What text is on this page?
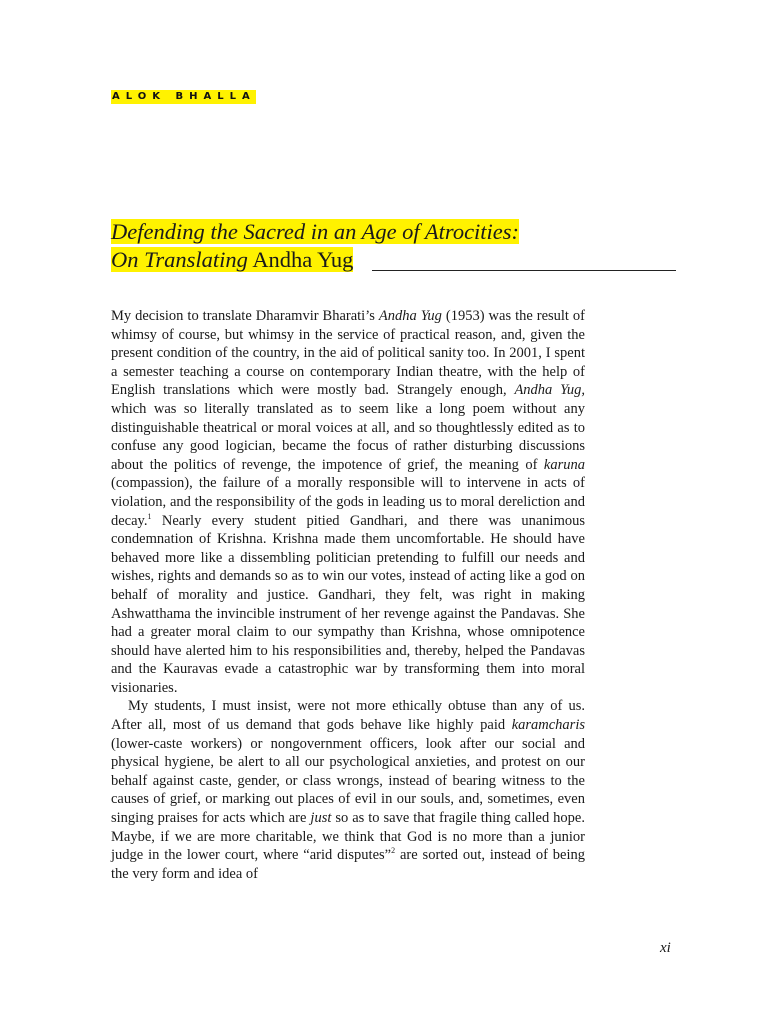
ALOK BHALLA
Defending the Sacred in an Age of Atrocities:
On Translating Andha Yug

My decision to translate Dharamvir Bharati’s Andha Yug (1953) was the result of whimsy of course, but whimsy in the service of practical reason, and, given the present condition of the country, in the aid of political sanity too. In 2001, I spent a semester teaching a course on contemporary Indian theatre, with the help of English translations which were mostly bad. Strangely enough, Andha Yug, which was so literally translated as to seem like a long poem without any distinguishable theatrical or moral voices at all, and so thoughtlessly edited as to confuse any good logician, became the focus of rather disturbing discussions about the politics of revenge, the impotence of grief, the meaning of karuna (compassion), the failure of a morally responsible will to intervene in acts of violation, and the responsibility of the gods in leading us to moral dereliction and decay.$^1$ Nearly every student pitied Gandhari, and there was unanimous condemnation of Krishna. Krishna made them uncomfortable. He should have behaved more like a dissembling politician pretending to fulfill our needs and wishes, rights and demands so as to win our votes, instead of acting like a god on behalf of morality and justice. Gandhari, they felt, was right in making Ashwatthama the invincible instrument of her revenge against the Pandavas. She had a greater moral claim to our sympathy than Krishna, whose omnipotence should have alerted him to his responsibilities and, thereby, helped the Pandavas and the Kauravas evade a catastrophic war by transforming them into moral visionaries.

My students, I must insist, were not more ethically obtuse than any of us. After all, most of us demand that gods behave like highly paid karamcharis (lower-caste workers) or nongovernment officers, look after our social and physical hygiene, be alert to all our psychological anxieties, and protest on our behalf against caste, gender, or class wrongs, instead of bearing witness to the causes of grief, or marking out places of evil in our souls, and, sometimes, even singing praises for acts which are just so as to save that fragile thing called hope. Maybe, if we are more charitable, we think that God is no more than a junior judge in the lower court, where “arid disputes”$^2$ are sorted out, instead of being the very form and idea of

xi
